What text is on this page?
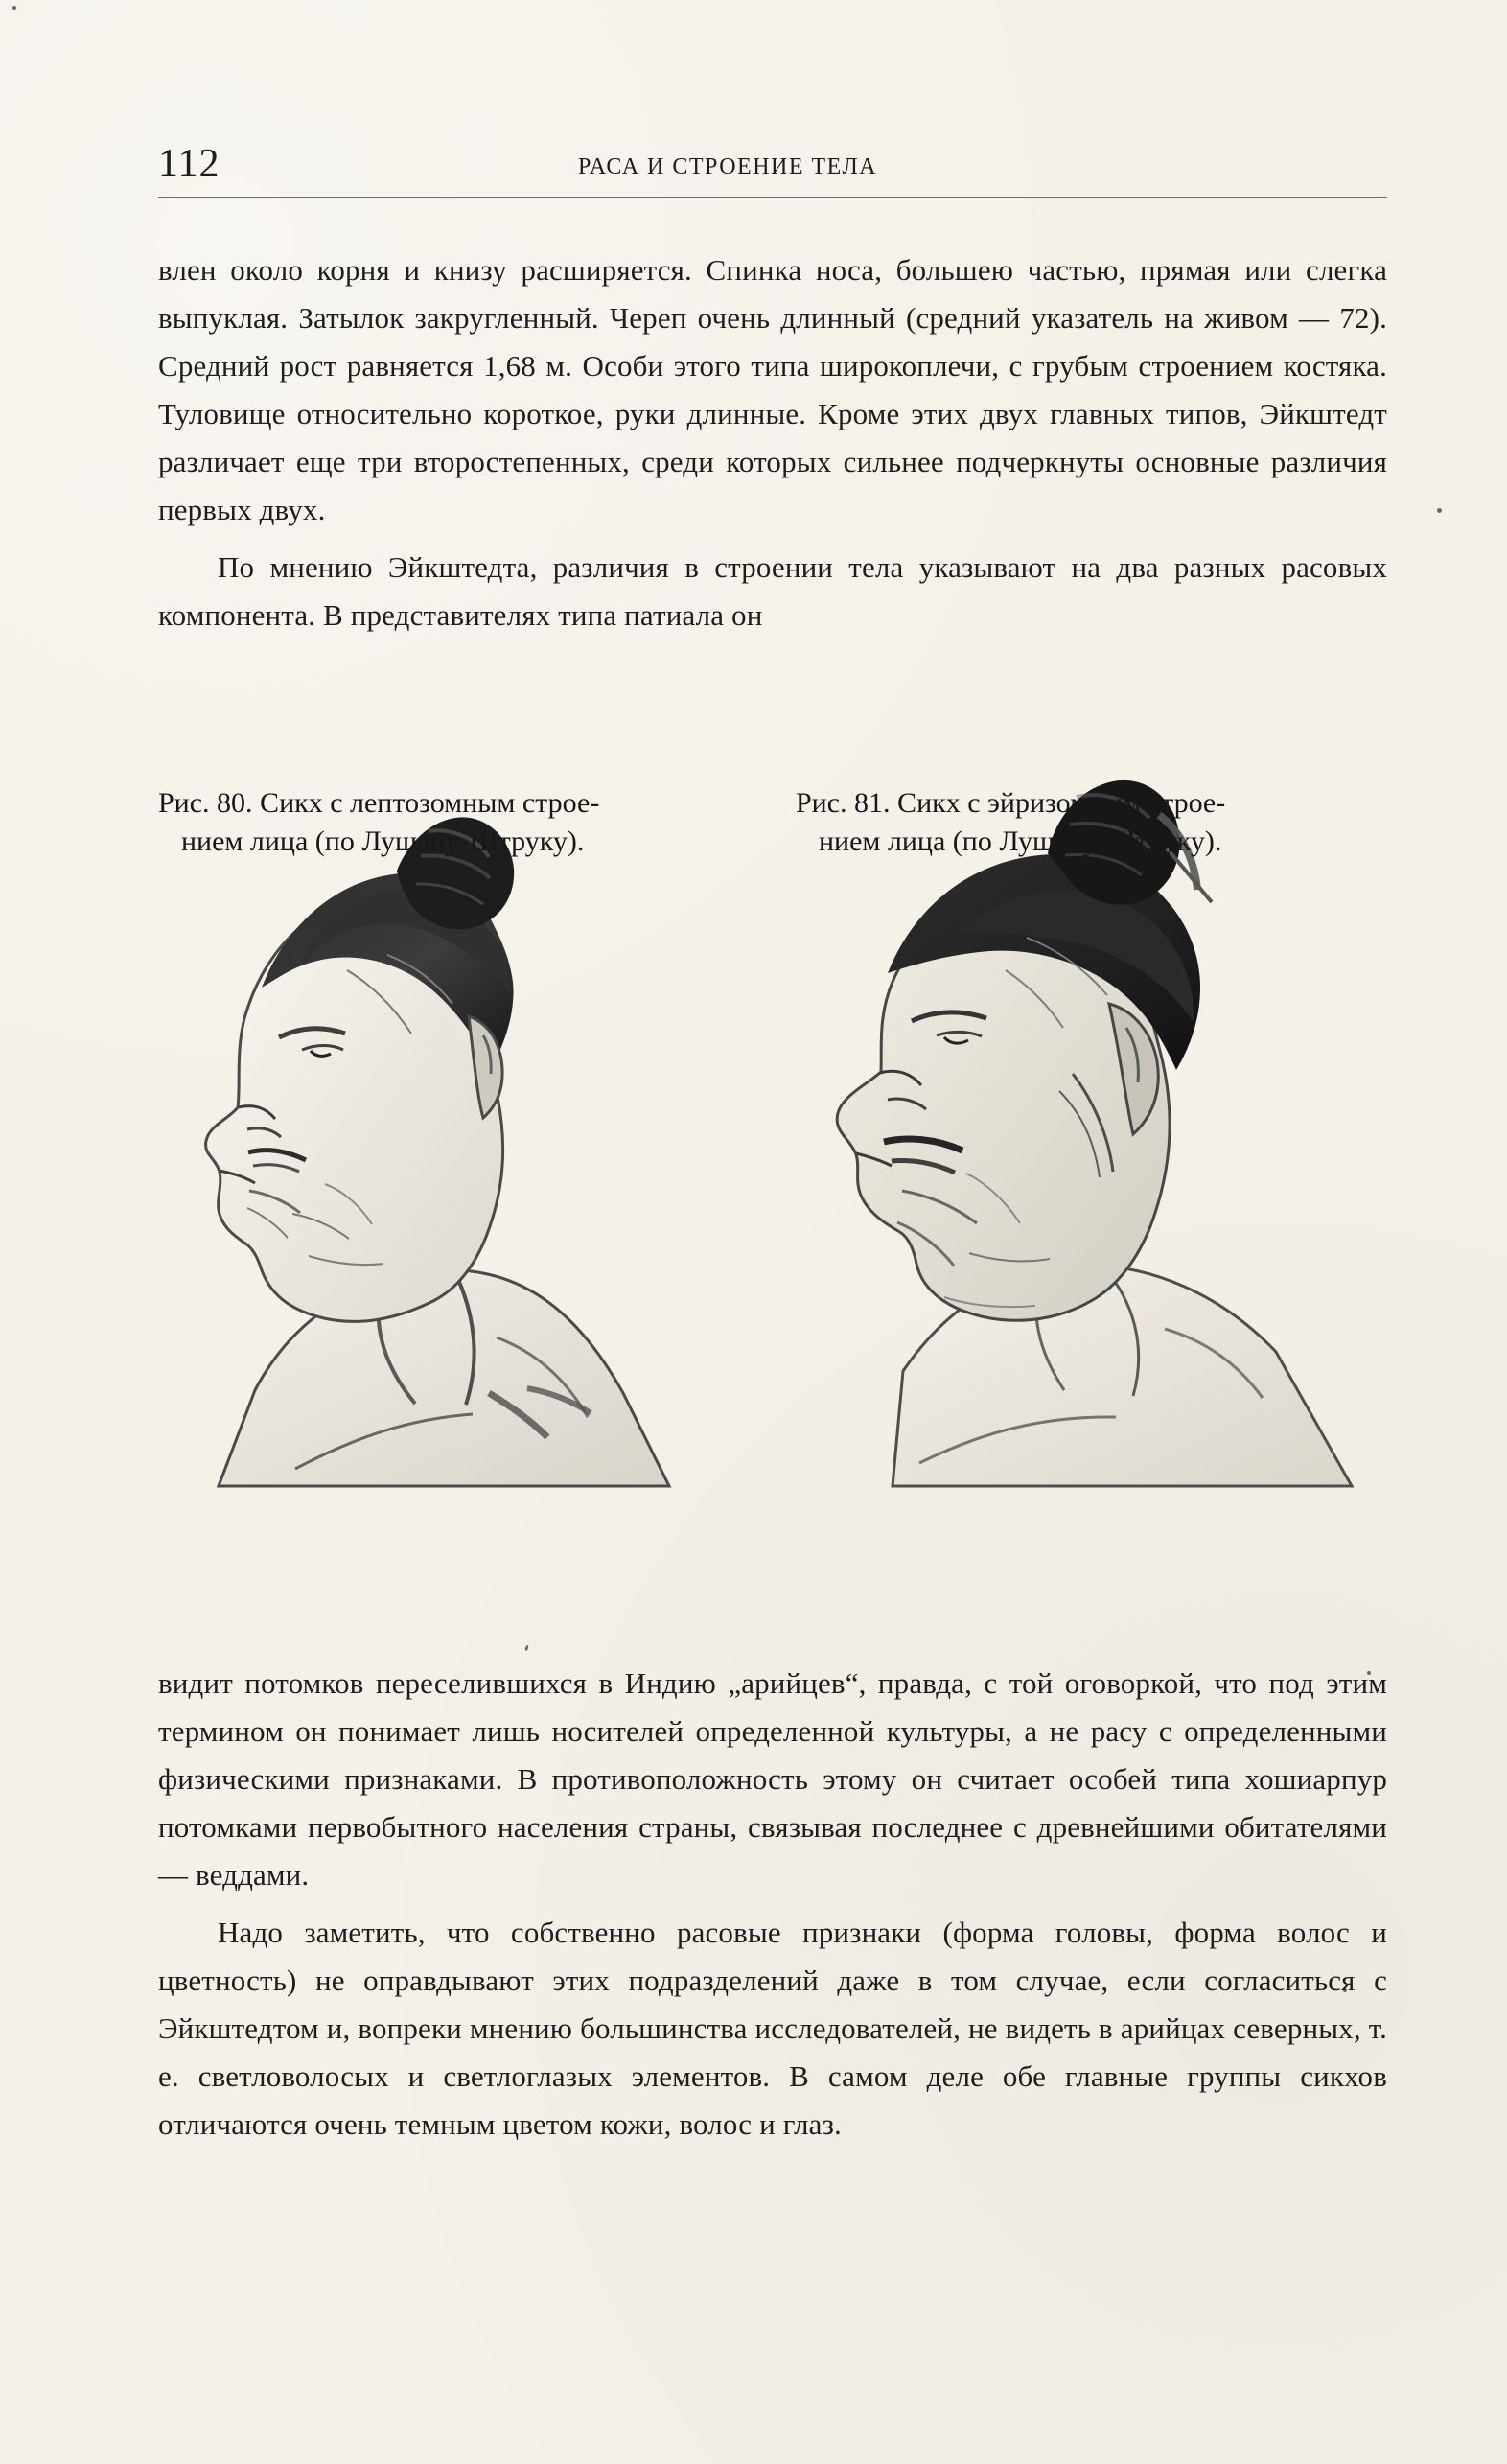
112	РАСА И СТРОЕНИЕ ТЕЛА

влен около корня и книзу расширяется. Спинка носа, большею частью, прямая или слегка выпуклая. Затылок закругленный. Череп очень длинный (средний указатель на живом — 72). Средний рост равняется 1,68 м. Особи этого типа широкоплечи, с грубым строением костяка. Туловище относительно короткое, руки длинные. Кроме этих двух главных типов, Эйкштедт различает еще три второстепенных, среди которых сильнее подчеркнуты основные различия первых двух.

По мнению Эйкштедта, различия в строении тела указывают на два разных расовых компонента. В представителях типа патиала он

Рис. 80. Сикх с лептозомным строе-
нием лица (по Лушану-Штруку).
Рис. 81. Сикх с эйризомным строе-
нием лица (по Лушану-Штруку).

видит потомков переселившихся в Индию „арийцев“, правда, с той оговоркой, что под этим термином он понимает лишь носителей определенной культуры, а не расу с определенными физическими признаками. В противоположность этому он считает особей типа хошиарпур потомками первобытного населения страны, связывая последнее с древнейшими обитателями — веддами.

Надо заметить, что собственно расовые признаки (форма головы, форма волос и цветность) не оправдывают этих подразделений даже в том случае, если согласиться с Эйкштедтом и, вопреки мнению большинства исследователей, не видеть в арийцах северных, т. е. светловолосых и светлоглазых элементов. В самом деле обе главные группы сикхов отличаются очень темным цветом кожи, волос и глаз.
